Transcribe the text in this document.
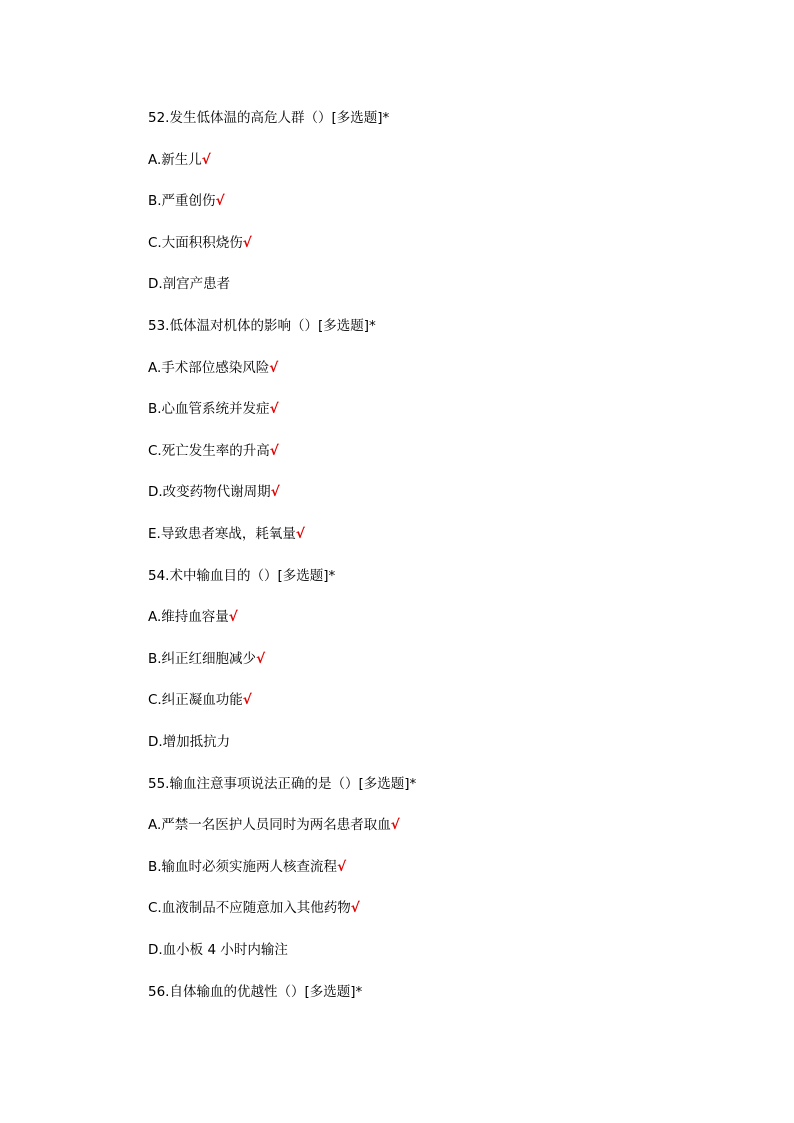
52.发生低体温的高危人群（）[多选题]*
A.新生儿√
B.严重创伤√
C.大面积积烧伤√
D.剖宫产患者
53.低体温对机体的影响（）[多选题]*
A.手术部位感染风险√
B.心血管系统并发症√
C.死亡发生率的升高√
D.改变药物代谢周期√
E.导致患者寒战，耗氧量√
54.术中输血目的（）[多选题]*
A.维持血容量√
B.纠正红细胞减少√
C.纠正凝血功能√
D.增加抵抗力
55.输血注意事项说法正确的是（）[多选题]*
A.严禁一名医护人员同时为两名患者取血√
B.输血时必须实施两人核查流程√
C.血液制品不应随意加入其他药物√
D.血小板 4 小时内输注
56.自体输血的优越性（）[多选题]*
